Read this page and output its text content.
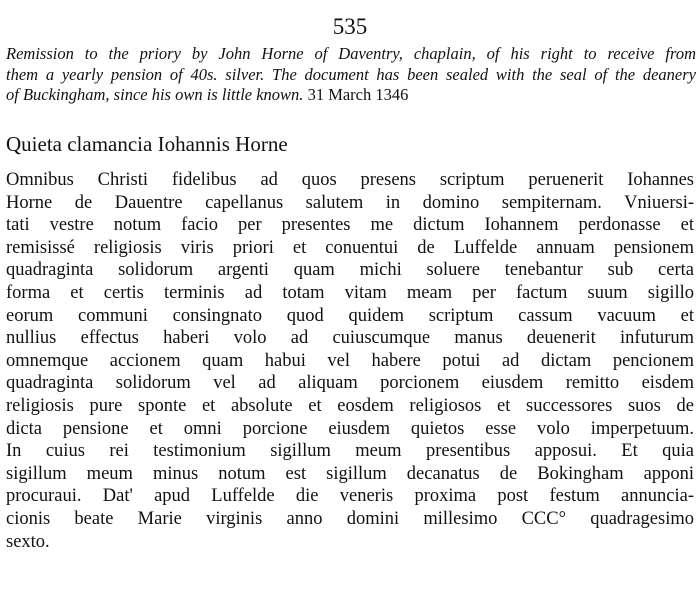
535
Remission to the priory by John Horne of Daventry, chaplain, of his right to receive from
them a yearly pension of 40s. silver. The document has been sealed with the seal of the deanery
of Buckingham, since his own is little known. 31 March 1346
Quieta clamancia Iohannis Horne
Omnibus Christi fidelibus ad quos presens scriptum peruenerit Iohannes
Horne de Dauentre capellanus salutem in domino sempiternam. Vniuersi-
tati vestre notum facio per presentes me dictum Iohannem perdonasse et
remisissé religiosis viris priori et conuentui de Luffelde annuam pensionem
quadraginta solidorum argenti quam michi soluere tenebantur sub certa
forma et certis terminis ad totam vitam meam per factum suum sigillo
eorum communi consingnato quod quidem scriptum cassum vacuum et
nullius effectus haberi volo ad cuiuscumque manus deuenerit infuturum
omnemque accionem quam habui vel habere potui ad dictam pencionem
quadraginta solidorum vel ad aliquam porcionem eiusdem remitto eisdem
religiosis pure sponte et absolute et eosdem religiosos et successores suos de
dicta pensione et omni porcione eiusdem quietos esse volo imperpetuum.
In cuius rei testimonium sigillum meum presentibus apposui. Et quia
sigillum meum minus notum est sigillum decanatus de Bokingham apponi
procuraui. Dat' apud Luffelde die veneris proxima post festum annuncia-
cionis beate Marie virginis anno domini millesimo CCC° quadragesimo
sexto.
